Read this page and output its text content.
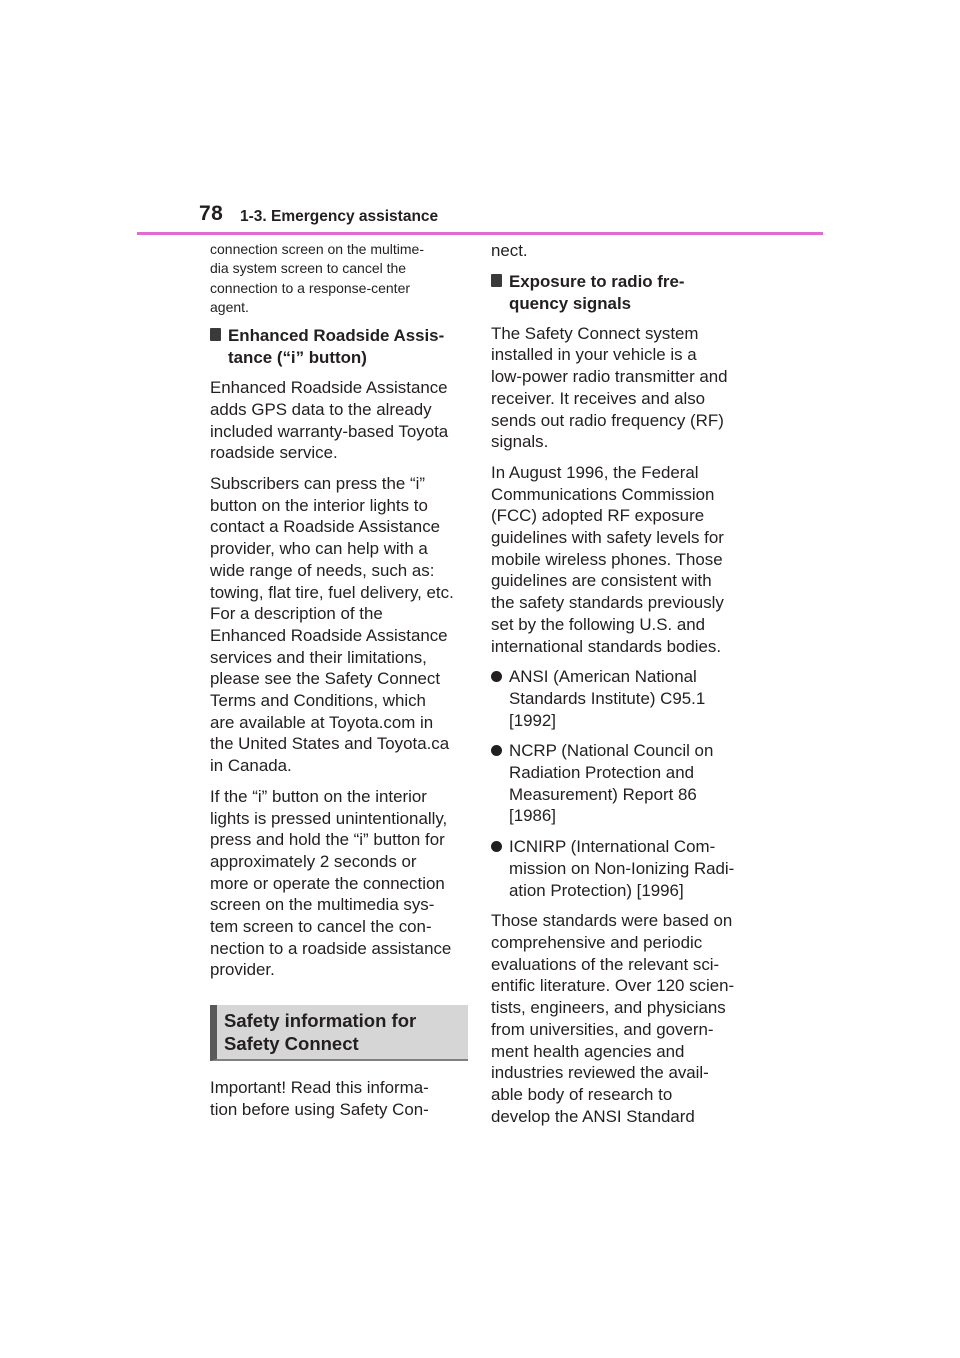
78 1-3. Emergency assistance

connection screen on the multime-
dia system screen to cancel the
connection to a response-center
agent.

Enhanced Roadside Assis-
tance (“i” button)

Enhanced Roadside Assistance
adds GPS data to the already
included warranty-based Toyota
roadside service.

Subscribers can press the “i”
button on the interior lights to
contact a Roadside Assistance
provider, who can help with a
wide range of needs, such as:
towing, flat tire, fuel delivery, etc.
For a description of the
Enhanced Roadside Assistance
services and their limitations,
please see the Safety Connect
Terms and Conditions, which
are available at Toyota.com in
the United States and Toyota.ca
in Canada.

If the “i” button on the interior
lights is pressed unintentionally,
press and hold the “i” button for
approximately 2 seconds or
more or operate the connection
screen on the multimedia sys-
tem screen to cancel the con-
nection to a roadside assistance
provider.

Safety information for
Safety Connect

Important! Read this informa-
tion before using Safety Con-

nect.

Exposure to radio fre-
quency signals

The Safety Connect system
installed in your vehicle is a
low-power radio transmitter and
receiver. It receives and also
sends out radio frequency (RF)
signals.

In August 1996, the Federal
Communications Commission
(FCC) adopted RF exposure
guidelines with safety levels for
mobile wireless phones. Those
guidelines are consistent with
the safety standards previously
set by the following U.S. and
international standards bodies.

ANSI (American National
Standards Institute) C95.1
[1992]
NCRP (National Council on
Radiation Protection and
Measurement) Report 86
[1986]
ICNIRP (International Com-
mission on Non-Ionizing Radi-
ation Protection) [1996]

Those standards were based on
comprehensive and periodic
evaluations of the relevant sci-
entific literature. Over 120 scien-
tists, engineers, and physicians
from universities, and govern-
ment health agencies and
industries reviewed the avail-
able body of research to
develop the ANSI Standard
